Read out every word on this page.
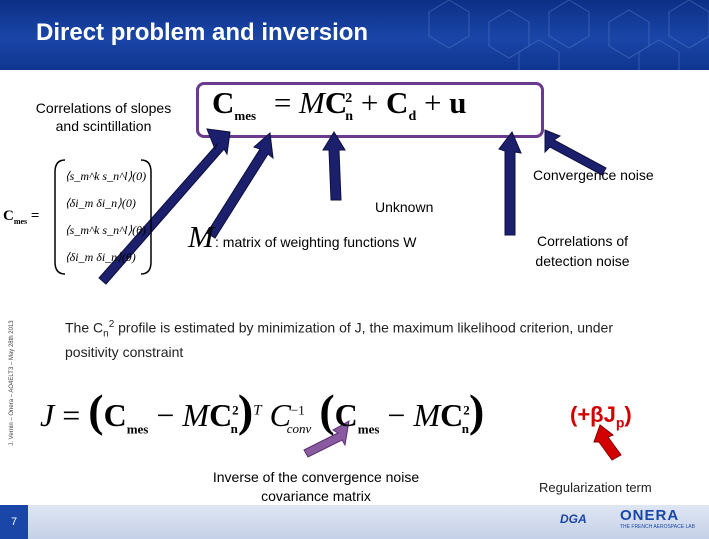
Direct problem and inversion
J. Vernin – Onera – AO4ELT3 – May 28th 2013
Correlations of slopes
and scintillation
$C_{mes} = MC^2_n + C_d + u$
Convergence noise
$C_{mes}$ =
⟨s_m^k s_n^l⟩(0)
⟨δi_m δi_n⟩(0)
⟨s_m^k s_n^l⟩(θ)
⟨δi_m δi_n⟩(θ)
Unknown
M : matrix of weighting functions W	Correlations of
detection noise
The $C_n^2$ profile is estimated by minimization of J, the maximum likelihood criterion, under positivity constraint
$J = (C_{mes} - MC^2_n)^T$ $C^{-1}_{conv}$ $(C_{mes} - MC^2_n)$	$(+\beta J_p)$
Inverse of the convergence noise
covariance matrix
Regularization term
7	DGA ONERA
THE FRENCH AEROSPACE LAB
